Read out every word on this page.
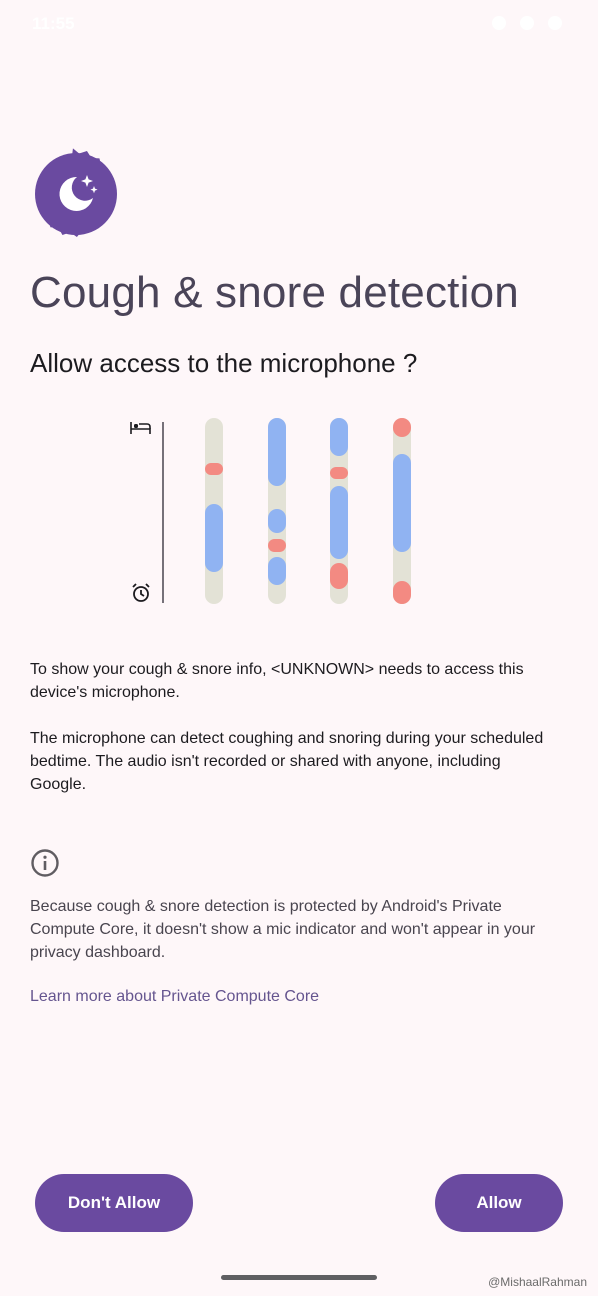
11:55
Cough & snore detection
Allow access to the microphone ?

To show your cough & snore info, <UNKNOWN> needs to access this device's microphone.

The microphone can detect coughing and snoring during your scheduled bedtime. The audio isn't recorded or shared with anyone, including Google.

Because cough & snore detection is protected by Android's Private Compute Core, it doesn't show a mic indicator and won't appear in your privacy dashboard.

Learn more about Private Compute Core
Don't Allow	Allow
@MishaalRahman
